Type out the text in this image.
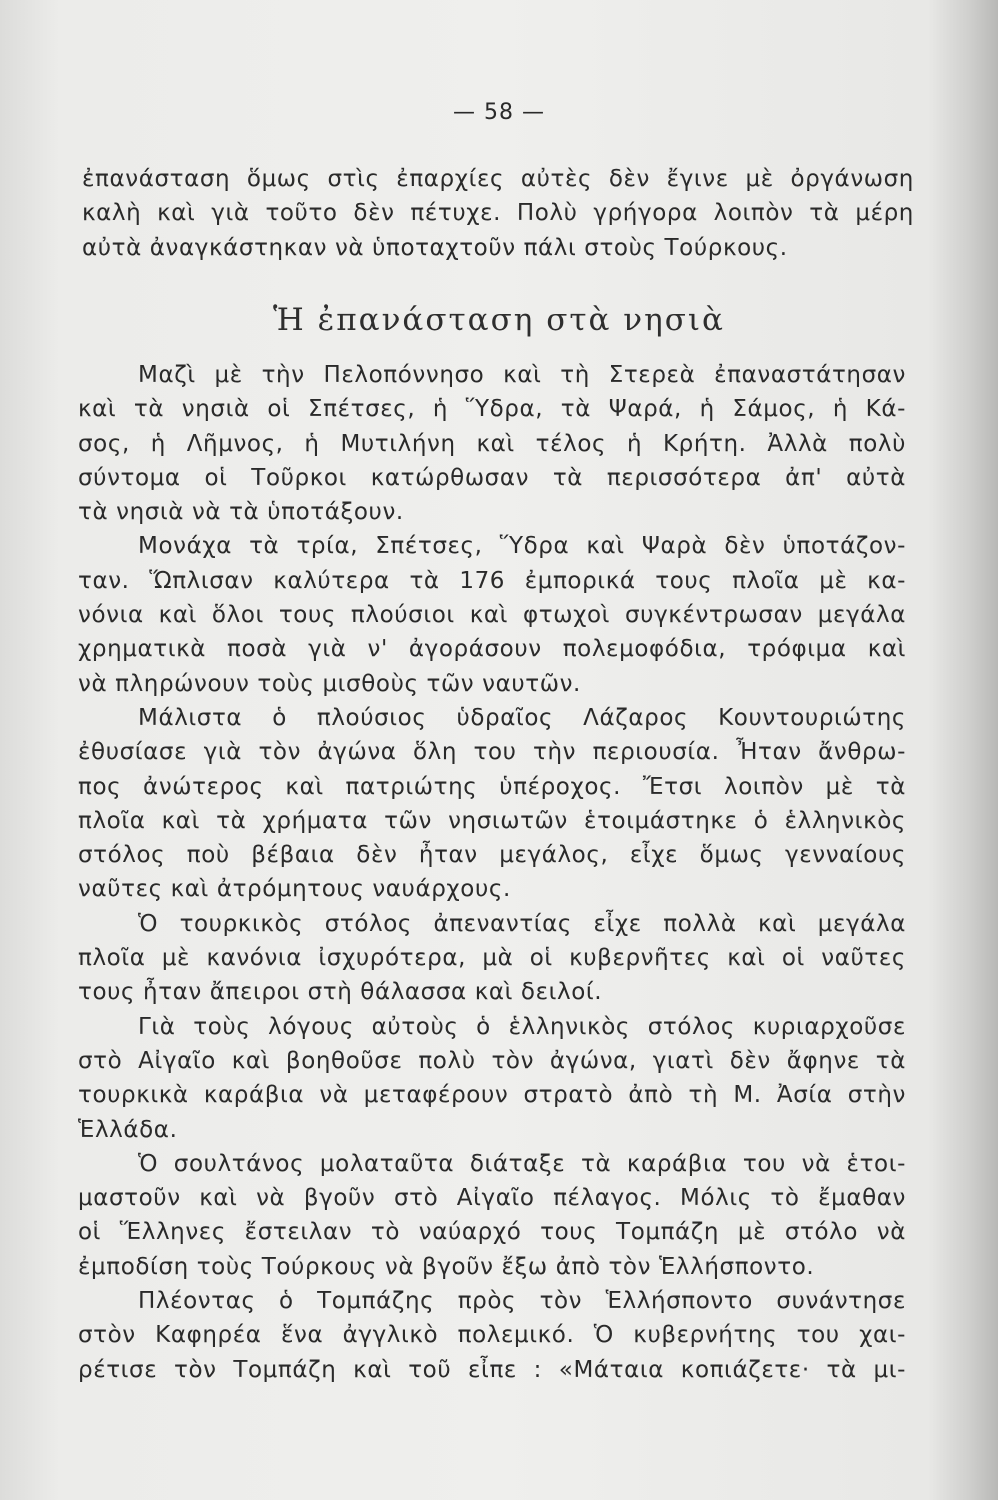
— 58 —
ἐπανάσταση ὅμως στὶς ἐπαρχίες αὐτὲς δὲν ἔγινε μὲ ὀργάνωση
καλὴ καὶ γιὰ τοῦτο δὲν πέτυχε. Πολὺ γρήγορα λοιπὸν τὰ μέρη
αὐτὰ ἀναγκάστηκαν νὰ ὑποταχτοῦν πάλι στοὺς Τούρκους.
Ἡ ἐπανάσταση στὰ νησιὰ
Μαζὶ μὲ τὴν Πελοπόννησο καὶ τὴ Στερεὰ ἐπαναστάτησαν
καὶ τὰ νησιὰ οἱ Σπέτσες, ἡ Ὕδρα, τὰ Ψαρά, ἡ Σάμος, ἡ Κά-
σος, ἡ Λῆμνος, ἡ Μυτιλήνη καὶ τέλος ἡ Κρήτη. Ἀλλὰ πολὺ
σύντομα οἱ Τοῦρκοι κατώρθωσαν τὰ περισσότερα ἀπ' αὐτὰ
τὰ νησιὰ νὰ τὰ ὑποτάξουν.
Μονάχα τὰ τρία, Σπέτσες, Ὕδρα καὶ Ψαρὰ δὲν ὑποτάζον-
ταν. Ὥπλισαν καλύτερα τὰ 176 ἐμπορικά τους πλοῖα μὲ κα-
νόνια καὶ ὅλοι τους πλούσιοι καὶ φτωχοὶ συγκέντρωσαν μεγάλα
χρηματικὰ ποσὰ γιὰ ν' ἀγοράσουν πολεμοφόδια, τρόφιμα καὶ
νὰ πληρώνουν τοὺς μισθοὺς τῶν ναυτῶν.
Μάλιστα ὁ πλούσιος ὑδραῖος Λάζαρος Κουντουριώτης
ἐθυσίασε γιὰ τὸν ἀγώνα ὅλη του τὴν περιουσία. Ἦταν ἄνθρω-
πος ἀνώτερος καὶ πατριώτης ὑπέροχος. Ἔτσι λοιπὸν μὲ τὰ
πλοῖα καὶ τὰ χρήματα τῶν νησιωτῶν ἑτοιμάστηκε ὁ ἑλληνικὸς
στόλος ποὺ βέβαια δὲν ἦταν μεγάλος, εἶχε ὅμως γενναίους
ναῦτες καὶ ἀτρόμητους ναυάρχους.
Ὁ τουρκικὸς στόλος ἀπεναντίας εἶχε πολλὰ καὶ μεγάλα
πλοῖα μὲ κανόνια ἰσχυρότερα, μὰ οἱ κυβερνῆτες καὶ οἱ ναῦτες
τους ἦταν ἄπειροι στὴ θάλασσα καὶ δειλοί.
Γιὰ τοὺς λόγους αὐτοὺς ὁ ἑλληνικὸς στόλος κυριαρχοῦσε
στὸ Αἰγαῖο καὶ βοηθοῦσε πολὺ τὸν ἀγώνα, γιατὶ δὲν ἄφηνε τὰ
τουρκικὰ καράβια νὰ μεταφέρουν στρατὸ ἀπὸ τὴ Μ. Ἀσία στὴν
Ἑλλάδα.
Ὁ σουλτάνος μολαταῦτα διάταξε τὰ καράβια του νὰ ἑτοι-
μαστοῦν καὶ νὰ βγοῦν στὸ Αἰγαῖο πέλαγος. Μόλις τὸ ἔμαθαν
οἱ Ἕλληνες ἔστειλαν τὸ ναύαρχό τους Τομπάζη μὲ στόλο νὰ
ἐμποδίση τοὺς Τούρκους νὰ βγοῦν ἔξω ἀπὸ τὸν Ἑλλήσποντο.
Πλέοντας ὁ Τομπάζης πρὸς τὸν Ἑλλήσποντο συνάντησε
στὸν Καφηρέα ἕνα ἀγγλικὸ πολεμικό. Ὁ κυβερνήτης του χαι-
ρέτισε τὸν Τομπάζη καὶ τοῦ εἶπε : «Μάταια κοπιάζετε· τὰ μι-
